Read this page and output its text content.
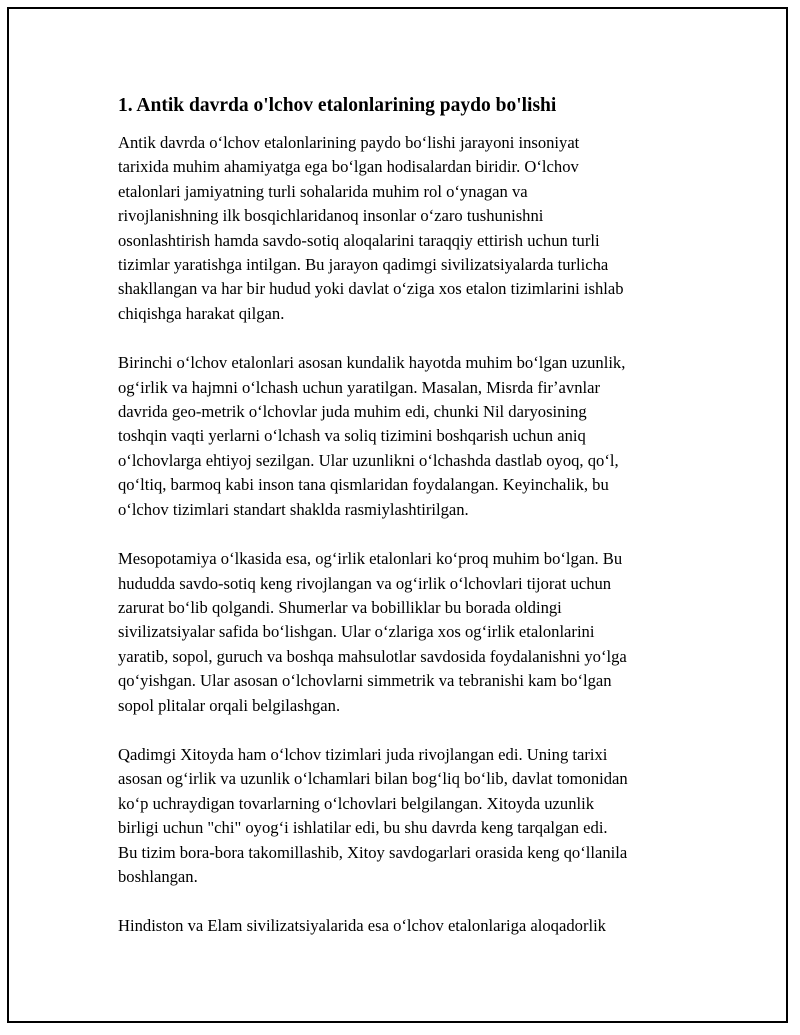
1. Antik davrda o'lchov etalonlarining paydo bo'lishi
Antik davrda oʻlchov etalonlarining paydo boʻlishi jarayoni insoniyat
tarixida muhim ahamiyatga ega boʻlgan hodisalardan biridir. Oʻlchov
etalonlari jamiyatning turli sohalarida muhim rol oʻynagan va
rivojlanishning ilk bosqichlaridanoq insonlar oʻzaro tushunishni
osonlashtirish hamda savdo-sotiq aloqalarini taraqqiy ettirish uchun turli
tizimlar yaratishga intilgan. Bu jarayon qadimgi sivilizatsiyalarda turlicha
shakllangan va har bir hudud yoki davlat oʻziga xos etalon tizimlarini ishlab
chiqishga harakat qilgan.
Birinchi oʻlchov etalonlari asosan kundalik hayotda muhim boʻlgan uzunlik,
ogʻirlik va hajmni oʻlchash uchun yaratilgan. Masalan, Misrda firʼavnlar
davrida geo-metrik oʻlchovlar juda muhim edi, chunki Nil daryosining
toshqin vaqti yerlarni oʻlchash va soliq tizimini boshqarish uchun aniq
oʻlchovlarga ehtiyoj sezilgan. Ular uzunlikni oʻlchashda dastlab oyoq, qoʻl,
qoʻltiq, barmoq kabi inson tana qismlaridan foydalangan. Keyinchalik, bu
oʻlchov tizimlari standart shaklda rasmiylashtirilgan.
Mesopotamiya oʻlkasida esa, ogʻirlik etalonlari koʻproq muhim boʻlgan. Bu
hududda savdo-sotiq keng rivojlangan va ogʻirlik oʻlchovlari tijorat uchun
zarurat boʻlib qolgandi. Shumerlar va bobilliklar bu borada oldingi
sivilizatsiyalar safida boʻlishgan. Ular oʻzlariga xos ogʻirlik etalonlarini
yaratib, sopol, guruch va boshqa mahsulotlar savdosida foydalanishni yoʻlga
qoʻyishgan. Ular asosan oʻlchovlarni simmetrik va tebranishi kam boʻlgan
sopol plitalar orqali belgilashgan.
Qadimgi Xitoyda ham oʻlchov tizimlari juda rivojlangan edi. Uning tarixi
asosan ogʻirlik va uzunlik oʻlchamlari bilan bogʻliq boʻlib, davlat tomonidan
koʻp uchraydigan tovarlarning oʻlchovlari belgilangan. Xitoyda uzunlik
birligi uchun "chi" oyogʻi ishlatilar edi, bu shu davrda keng tarqalgan edi.
Bu tizim bora-bora takomillashib, Xitoy savdogarlari orasida keng qoʻllanila
boshlangan.
Hindiston va Elam sivilizatsiyalarida esa oʻlchov etalonlariga aloqadorlik
